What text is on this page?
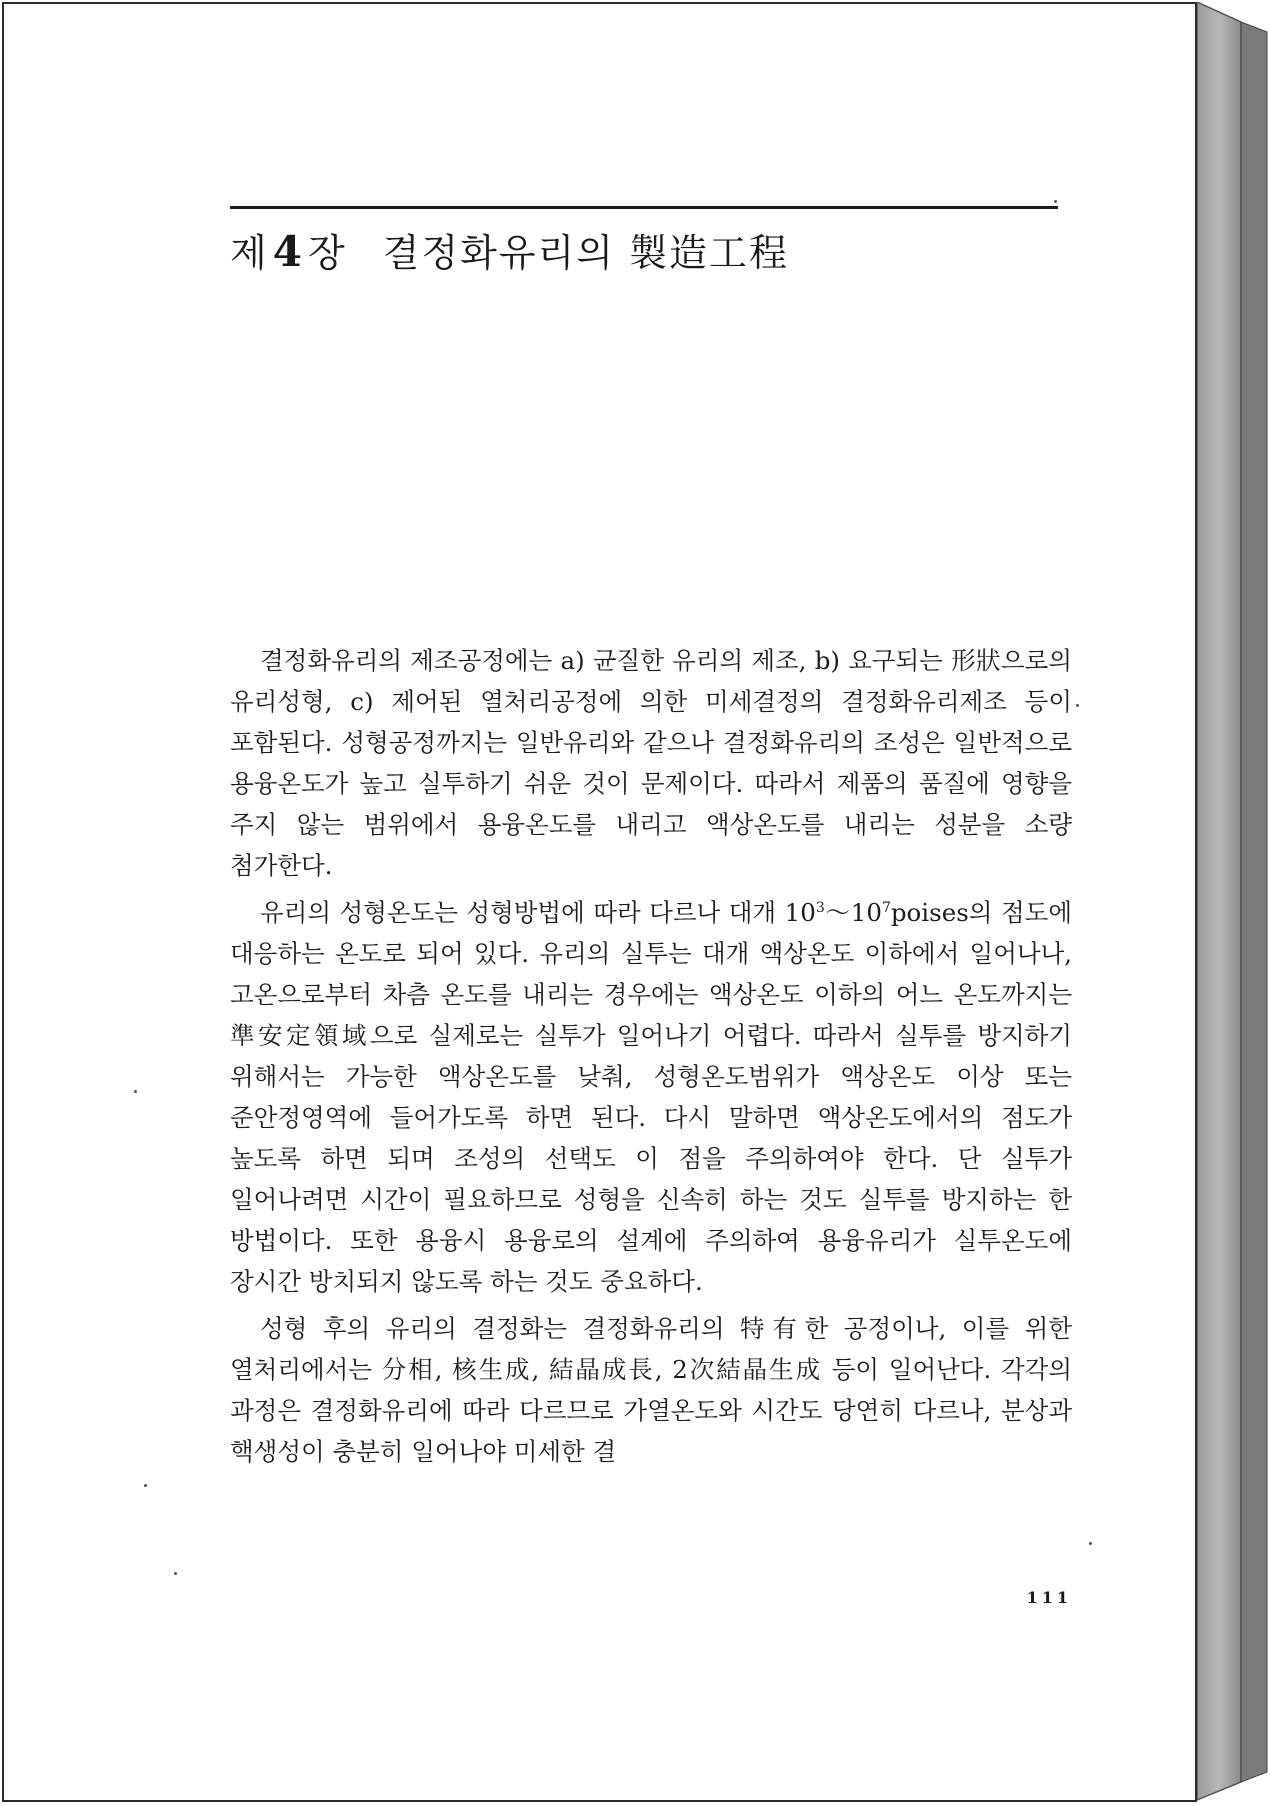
제4 장 결정화유리의 製造工程

결정화유리의 제조공정에는 a) 균질한 유리의 제조, b) 요구되는 形狀으로의 유리성형, c) 제어된 열처리공정에 의한 미세결정의 결정화유리제조 등이 포함된다. 성형공정까지는 일반유리와 같으나 결정화유리의 조성은 일반적으로 용융온도가 높고 실투하기 쉬운 것이 문제이다. 따라서 제품의 품질에 영향을 주지 않는 범위에서 용융온도를 내리고 액상온도를 내리는 성분을 소량 첨가한다.

유리의 성형온도는 성형방법에 따라 다르나 대개 $10^3\sim 10^7poises$의 점도에 대응하는 온도로 되어 있다. 유리의 실투는 대개 액상온도 이하에서 일어나나, 고온으로부터 차츰 온도를 내리는 경우에는 액상온도 이하의 어느 온도까지는 準安定領域으로 실제로는 실투가 일어나기 어렵다. 따라서 실투를 방지하기 위해서는 가능한 액상온도를 낮춰, 성형온도범위가 액상온도 이상 또는 준안정영역에 들어가도록 하면 된다. 다시 말하면 액상온도에서의 점도가 높도록 하면 되며 조성의 선택도 이 점을 주의하여야 한다. 단 실투가 일어나려면 시간이 필요하므로 성형을 신속히 하는 것도 실투를 방지하는 한 방법이다. 또한 용융시 용융로의 설계에 주의하여 용융유리가 실투온도에 장시간 방치되지 않도록 하는 것도 중요하다.

성형 후의 유리의 결정화는 결정화유리의 特有한 공정이나, 이를 위한 열처리에서는 分相, 核生成, 結晶成長, 2次結晶生成 등이 일어난다. 각각의 과정은 결정화유리에 따라 다르므로 가열온도와 시간도 당연히 다르나, 분상과 핵생성이 충분히 일어나야 미세한 결

111
